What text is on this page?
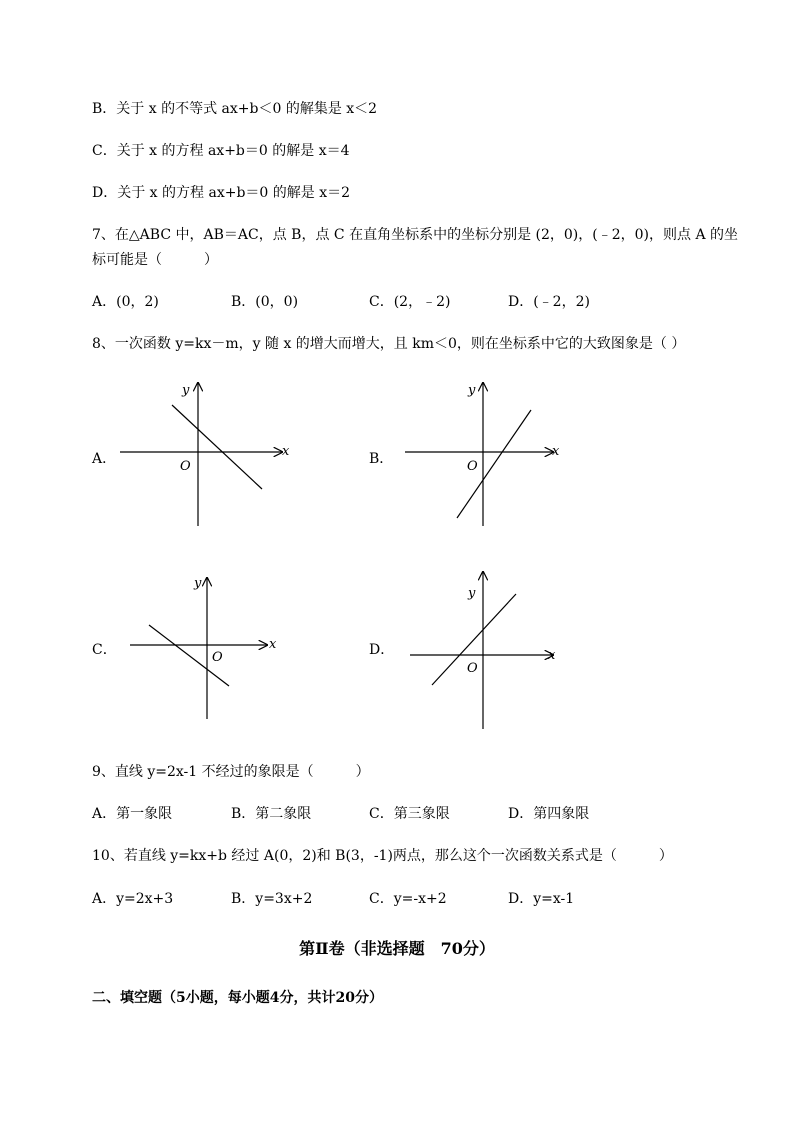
B．关于 x 的不等式 ax+b＜0 的解集是 x＜2
C．关于 x 的方程 ax+b＝0 的解是 x＝4
D．关于 x 的方程 ax+b＝0 的解是 x＝2
7、在△ABC 中，AB＝AC，点 B，点 C 在直角坐标系中的坐标分别是 (2，0)，(﹣2，0)，则点 A 的坐
标可能是（　　　）
A．(0，2)	B．(0，0)	C．(2，﹣2)	D．(﹣2，2)
8、一次函数 y=kx－m，y 随 x 的增大而增大，且 km＜0，则在坐标系中它的大致图象是（ ）
A．	x
y
O	B．	x
y
O
C．	x
y
O	D．	x
y
O
9、直线 y=2x-1 不经过的象限是（　　　）
A．第一象限	B．第二象限	C．第三象限	D．第四象限
10、若直线 y=kx+b 经过 A(0，2)和 B(3，-1)两点，那么这个一次函数关系式是（　　　）
A．y=2x+3	B．y=3x+2	C．y=-x+2	D．y=x-1
第Ⅱ卷（非选择题　70分）
二、填空题（5小题，每小题4分，共计20分）
